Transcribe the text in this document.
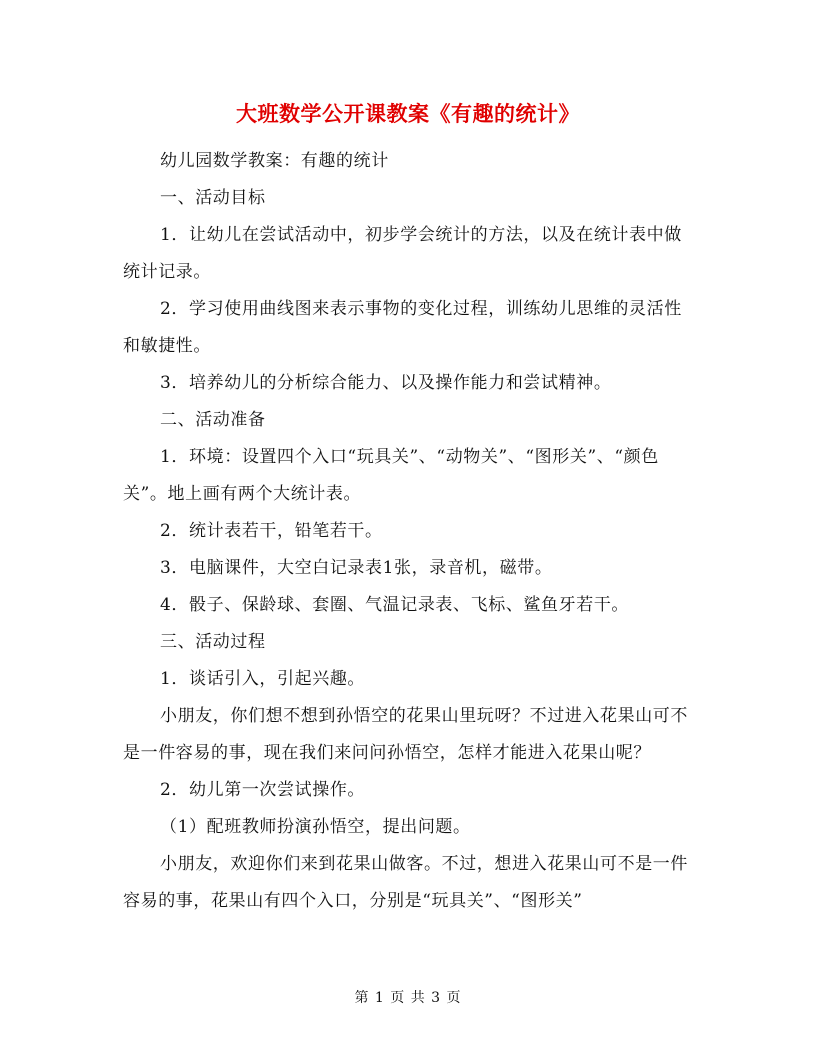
大班数学公开课教案《有趣的统计》

幼儿园数学教案：有趣的统计

一、活动目标

1．让幼儿在尝试活动中，初步学会统计的方法，以及在统计表中做统计记录。

2．学习使用曲线图来表示事物的变化过程，训练幼儿思维的灵活性和敏捷性。

3．培养幼儿的分析综合能力、以及操作能力和尝试精神。

二、活动准备

1．环境：设置四个入口“玩具关”、“动物关”、“图形关”、“颜色关”。地上画有两个大统计表。

2．统计表若干，铅笔若干。

3．电脑课件，大空白记录表1张，录音机，磁带。

4．骰子、保龄球、套圈、气温记录表、飞标、鲨鱼牙若干。

三、活动过程

1．谈话引入，引起兴趣。

小朋友，你们想不想到孙悟空的花果山里玩呀？不过进入花果山可不是一件容易的事，现在我们来问问孙悟空，怎样才能进入花果山呢？

2．幼儿第一次尝试操作。

（1）配班教师扮演孙悟空，提出问题。

小朋友，欢迎你们来到花果山做客。不过，想进入花果山可不是一件容易的事，花果山有四个入口，分别是“玩具关”、“图形关”

第 1 页 共 3 页
